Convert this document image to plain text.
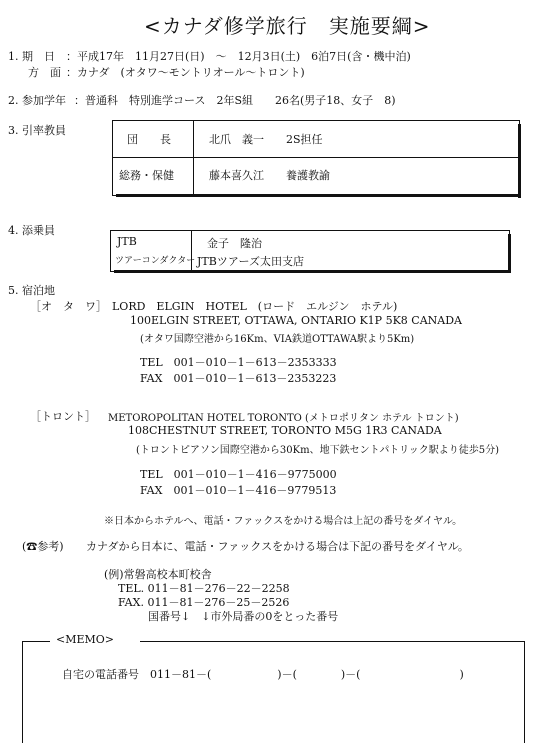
<カナダ修学旅行　実施要綱>
1. 期　日 ：平成17年　11月27日(日)　～　12月3日(土)　6泊7日(含・機中泊)
方　面 ：カナダ　(オタワ～モントリオール～トロント)
2. 参加学年 ：普通科　特別進学コース　2年S組　　26名(男子18、女子　8)
3. 引率教員
団　　長	北爪　義一　　2S担任
総務・保健	藤本喜久江　　養護教諭
4. 添乗員
JTB
ツアーコンダクター
金子　隆治
JTBツアーズ太田支店
5. 宿泊地
［オ　タ　ワ］ LORD　ELGIN　HOTEL　(ロード　エルジン　ホテル)
100ELGIN STREET, OTTAWA, ONTARIO K1P 5K8 CANADA
(オタワ国際空港から16Km、VIA鉄道OTTAWA駅より5Km)
TEL　001－010－1－613－2353333
FAX　001－010－1－613－2353223
［トロント］ METOROPOLITAN HOTEL TORONTO (メトロポリタン ホテル トロント)
108CHESTNUT STREET, TORONTO M5G 1R3 CANADA
(トロントピアソン国際空港から30Km、地下鉄セントパトリック駅より徒歩5分)
TEL　001－010－1－416－9775000
FAX　001－010－1－416－9779513
※日本からホテルへ、電話・ファックスをかける場合は上記の番号をダイヤル。
(☎参考) カナダから日本に、電話・ファックスをかける場合は下記の番号をダイヤル。
(例)常磐高校本町校舎
TEL. 011－81－276－22－2258
FAX. 011－81－276－25－2526
国番号↓　↓市外局番の0をとった番号
<MEMO>
自宅の電話番号　011－81－(　　　　　　)－(　　　　)－(　　　　　　　　　)
